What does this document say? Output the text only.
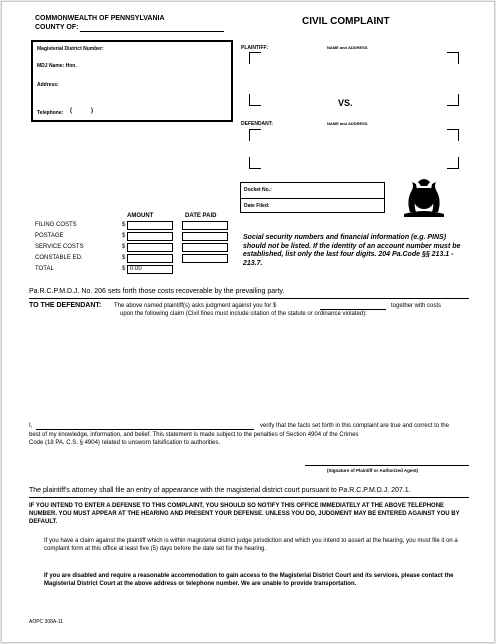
COMMONWEALTH OF PENNSYLVANIA
COUNTY OF:
CIVIL COMPLAINT
Magisterial District Number:
MDJ Name: Hon.
Address:
Telephone: (	)
PLAINTIFF:	NAME and ADDRESS
VS.
DEFENDANT:	NAME and ADDRESS
Docket No.:
Date Filed:
AMOUNT	DATE PAID
FILING COSTS	$
POSTAGE	$
SERVICE COSTS	$
CONSTABLE ED.	$
TOTAL	$ 0.00
Social security numbers and financial information (e.g. PINS) should not be listed. If the identity of an account number must be established, list only the last four digits. 204 Pa.Code §§ 213.1 - 213.7.
Pa.R.C.P.M.D.J. No. 206 sets forth those costs recoverable by the prevailing party.
TO THE DEFENDANT: The above named plaintiff(s) asks judgment against you for $	together with costs
upon the following claim (Civil fines must include citation of the statute or ordinance violated):
I,	verify that the facts set forth in this complaint are true and correct to the
best of my knowledge, information, and belief. This statement is made subject to the penalties of Section 4904 of the Crimes
Code (18 PA. C.S. § 4904) related to unsworn falsification to authorities.
(Signature of Plaintiff or Authorized Agent)
The plaintiff's attorney shall file an entry of appearance with the magisterial district court pursuant to Pa.R.C.P.M.D.J. 207.1.
IF YOU INTEND TO ENTER A DEFENSE TO THIS COMPLAINT, YOU SHOULD SO NOTIFY THIS OFFICE IMMEDIATELY AT THE ABOVE TELEPHONE NUMBER. YOU MUST APPEAR AT THE HEARING AND PRESENT YOUR DEFENSE. UNLESS YOU DO, JUDGMENT MAY BE ENTERED AGAINST YOU BY DEFAULT.
If you have a claim against the plaintiff which is within magisterial district judge jurisdiction and which you intend to assert at the hearing, you must file it on a complaint form at this office at least five (5) days before the date set for the hearing.
If you are disabled and require a reasonable accommodation to gain access to the Magisterial District Court and its services, please contact the Magisterial District Court at the above address or telephone number. We are unable to provide transportation.
AOPC 308A-11
